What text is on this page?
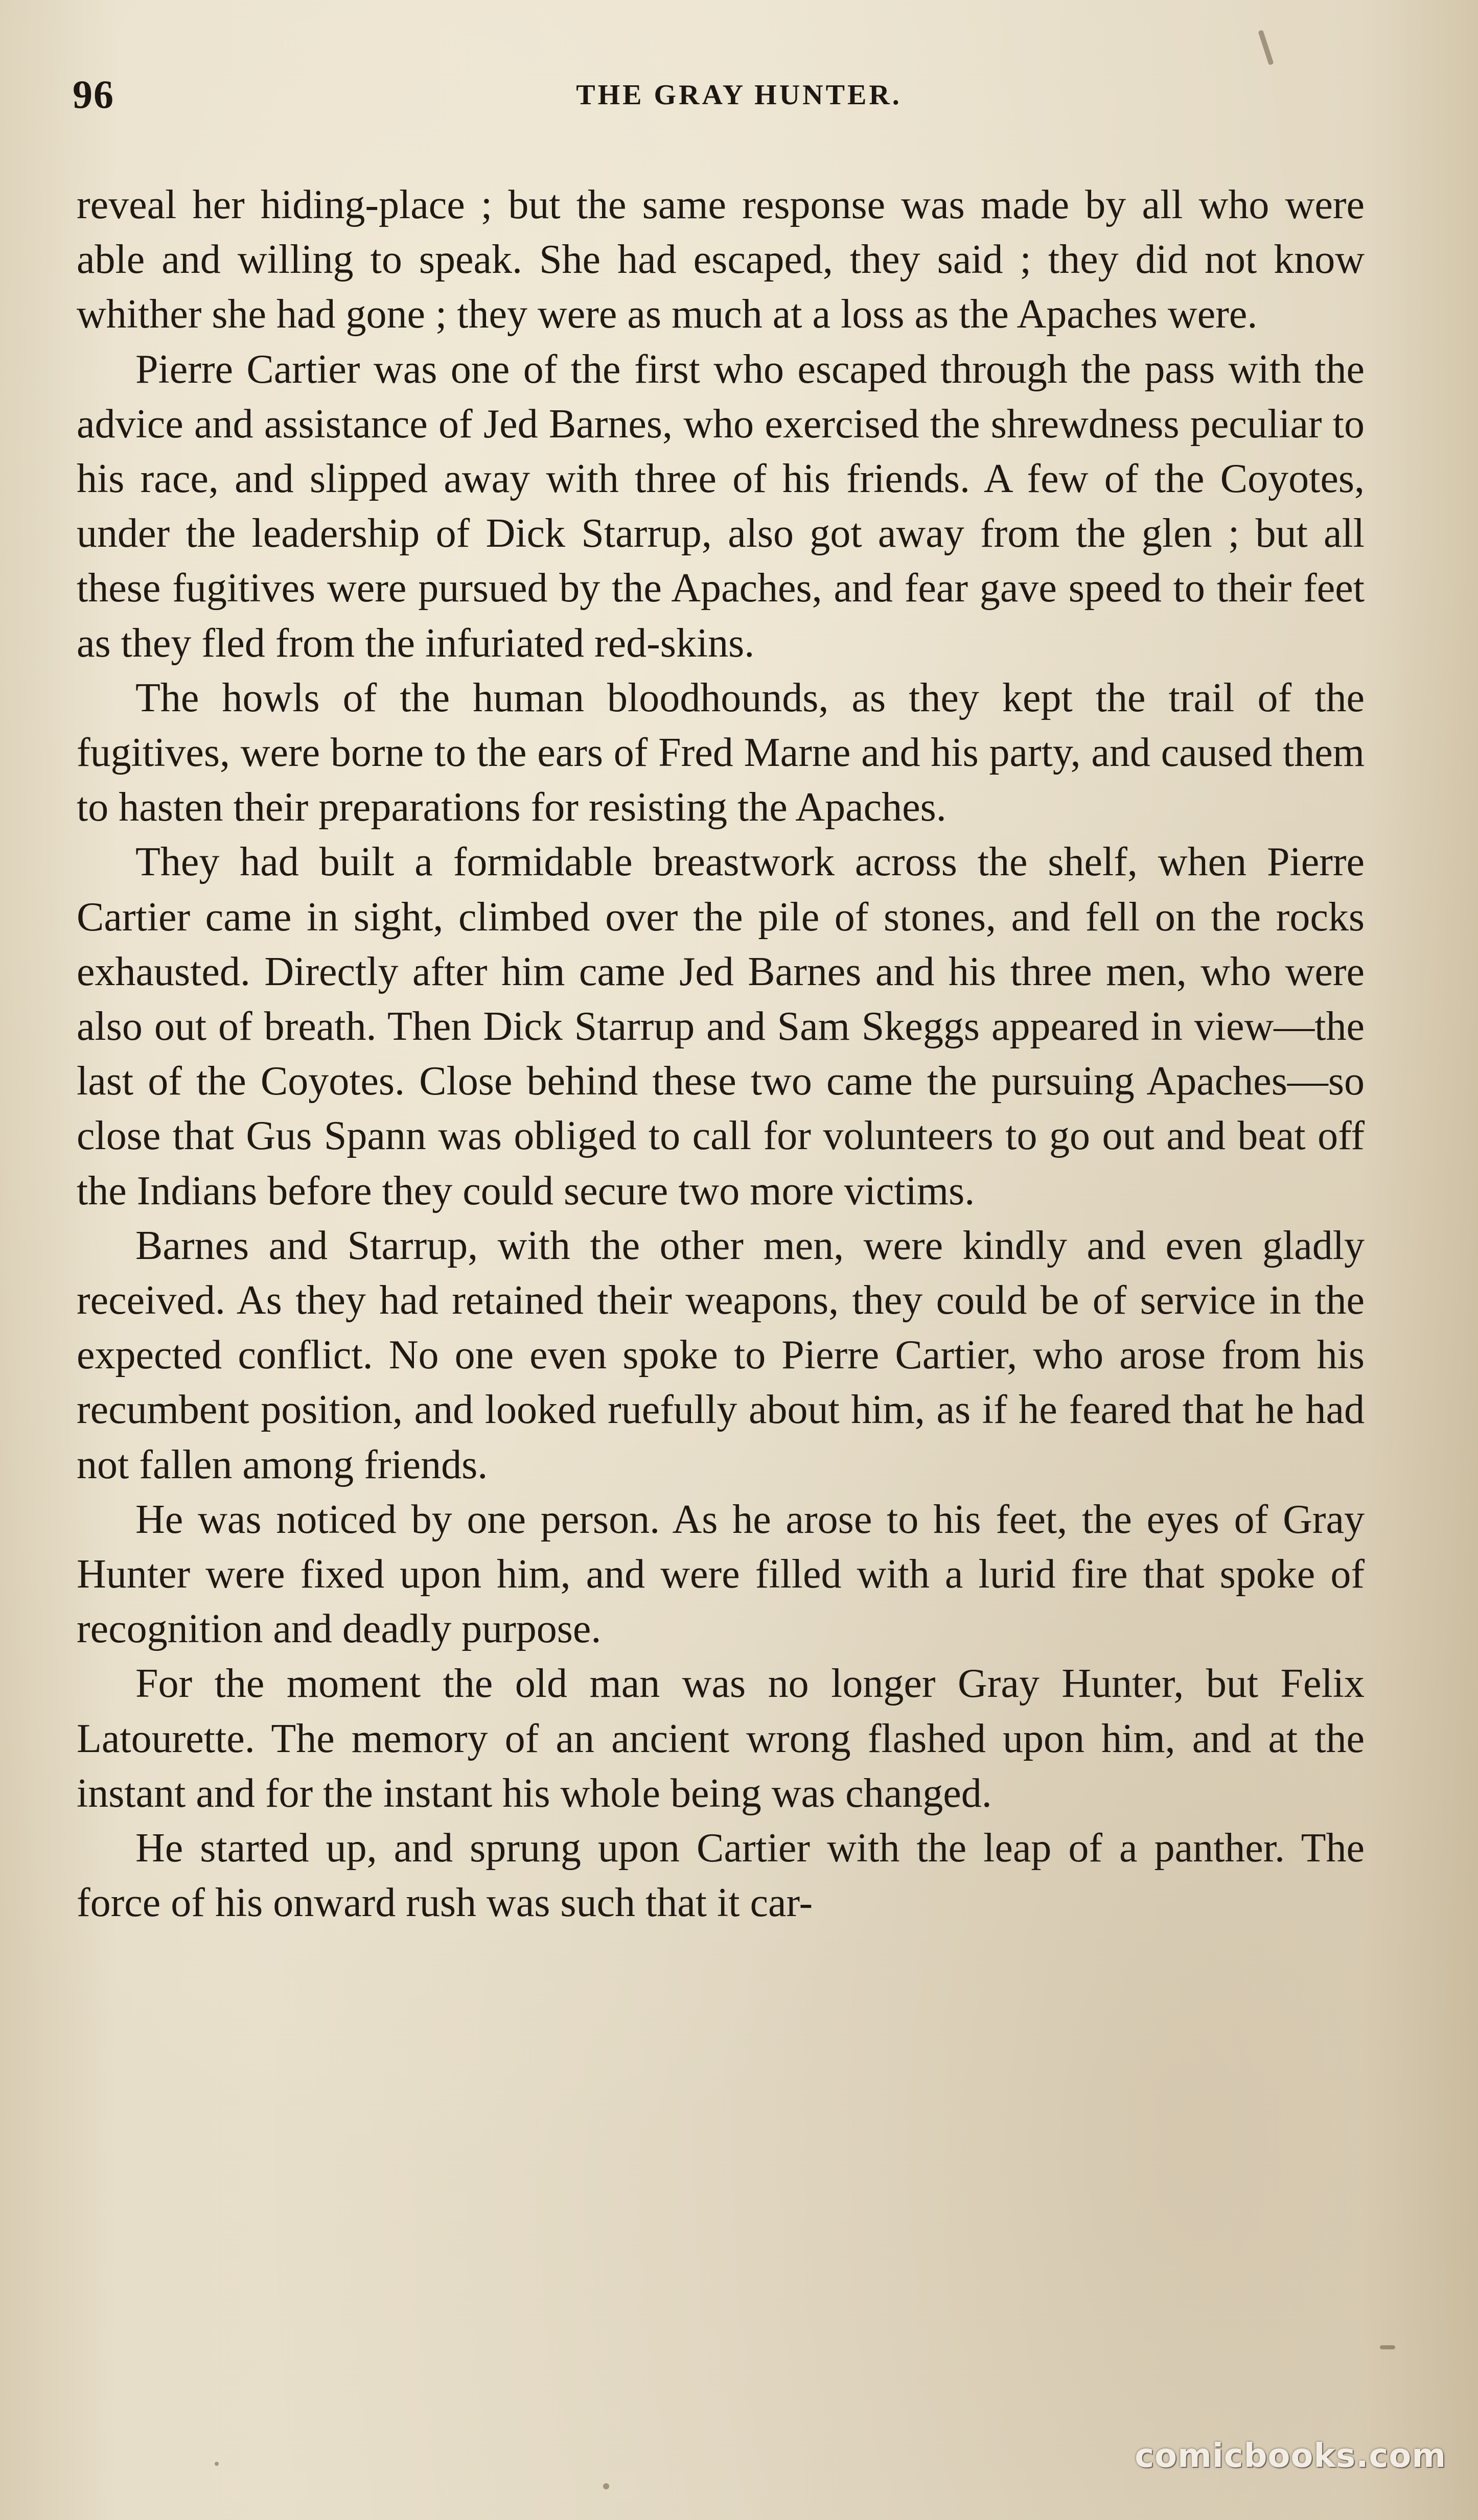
96	THE GRAY HUNTER.

reveal her hiding-place ; but the same response was made by all who were able and willing to speak. She had escaped, they said ; they did not know whither she had gone ; they were as much at a loss as the Apaches were.

Pierre Cartier was one of the first who escaped through the pass with the advice and assistance of Jed Barnes, who exercised the shrewdness peculiar to his race, and slipped away with three of his friends. A few of the Coyotes, under the leadership of Dick Starrup, also got away from the glen ; but all these fugitives were pursued by the Apaches, and fear gave speed to their feet as they fled from the infuriated red-skins.

The howls of the human bloodhounds, as they kept the trail of the fugitives, were borne to the ears of Fred Marne and his party, and caused them to hasten their preparations for resisting the Apaches.

They had built a formidable breastwork across the shelf, when Pierre Cartier came in sight, climbed over the pile of stones, and fell on the rocks exhausted. Directly after him came Jed Barnes and his three men, who were also out of breath. Then Dick Starrup and Sam Skeggs appeared in view—the last of the Coyotes. Close behind these two came the pursuing Apaches—so close that Gus Spann was obliged to call for volunteers to go out and beat off the Indians before they could secure two more victims.

Barnes and Starrup, with the other men, were kindly and even gladly received. As they had retained their weapons, they could be of service in the expected conflict. No one even spoke to Pierre Cartier, who arose from his recumbent position, and looked ruefully about him, as if he feared that he had not fallen among friends.

He was noticed by one person. As he arose to his feet, the eyes of Gray Hunter were fixed upon him, and were filled with a lurid fire that spoke of recognition and deadly purpose.

For the moment the old man was no longer Gray Hunter, but Felix Latourette. The memory of an ancient wrong flashed upon him, and at the instant and for the instant his whole being was changed.

He started up, and sprung upon Cartier with the leap of a panther. The force of his onward rush was such that it car-

comicbooks.com
